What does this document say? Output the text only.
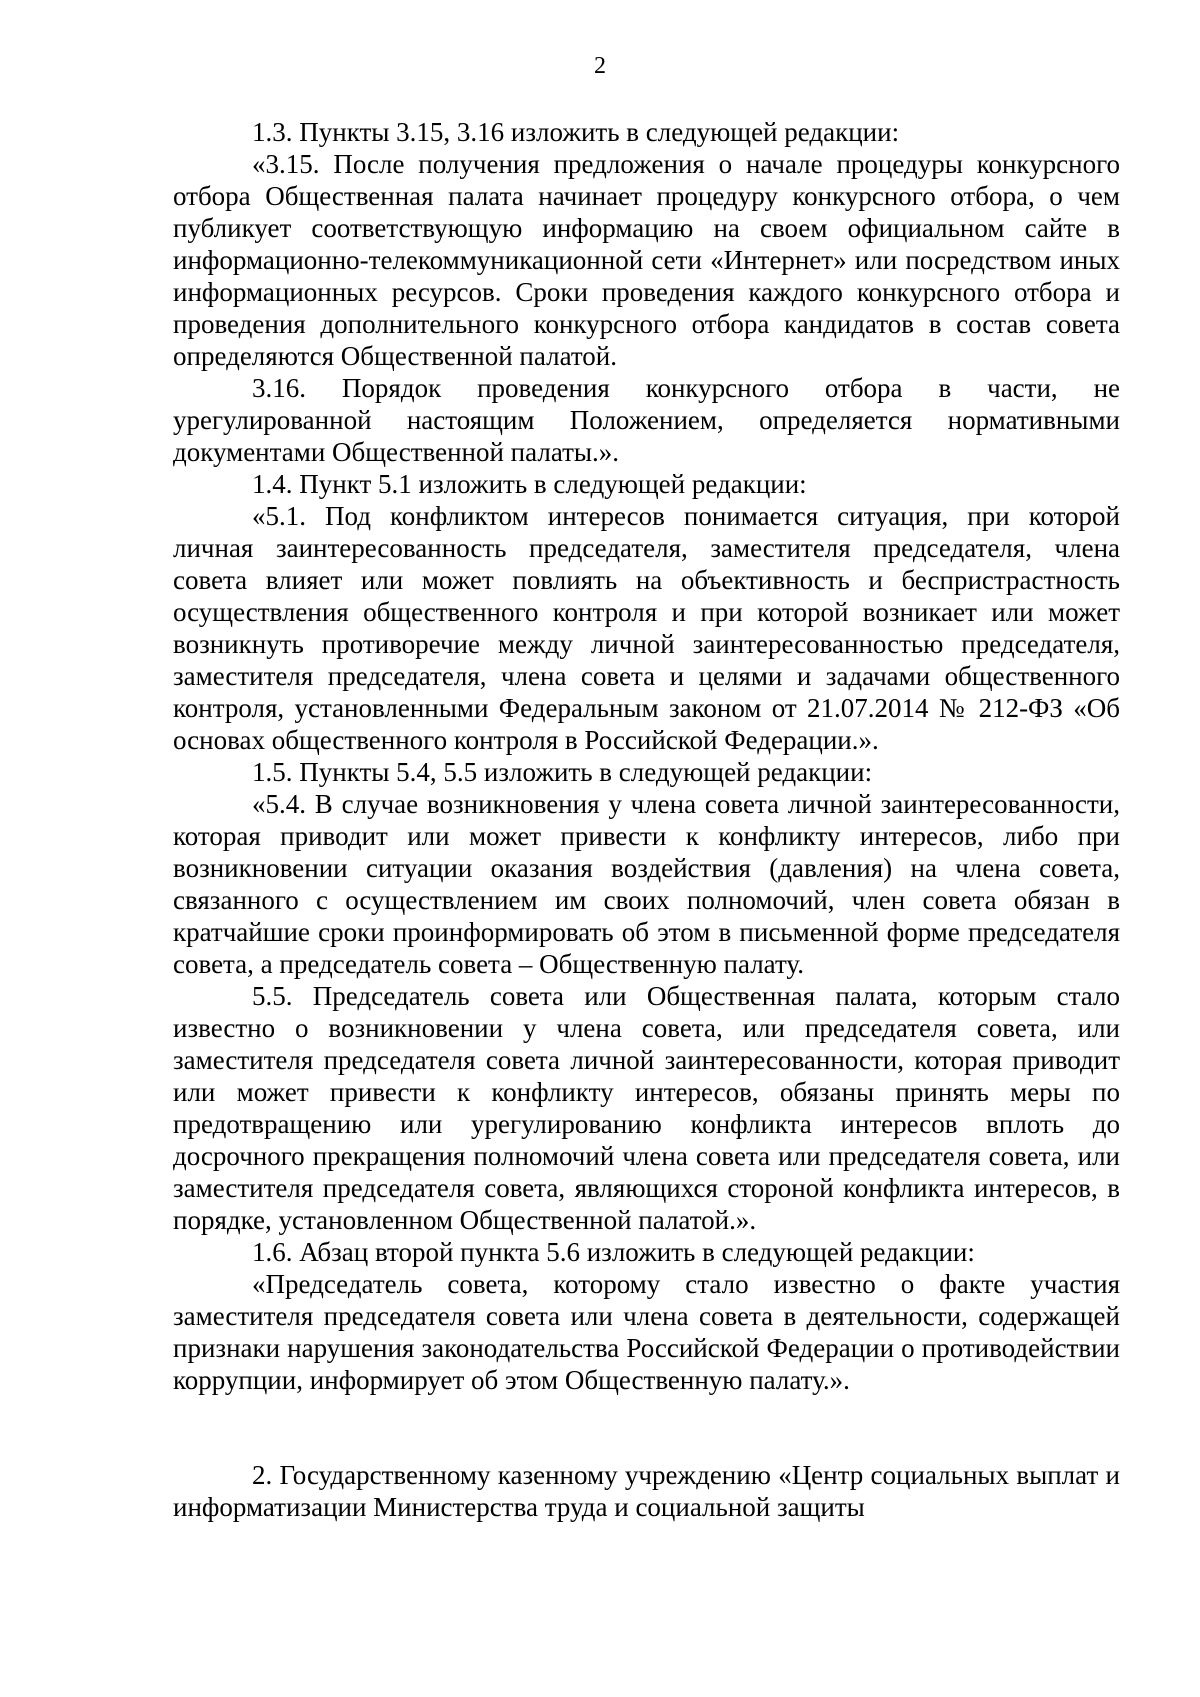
2

1.3. Пункты 3.15, 3.16 изложить в следующей редакции:

«3.15. После получения предложения о начале процедуры конкурсного отбора Общественная палата начинает процедуру конкурсного отбора, о чем публикует соответствующую информацию на своем официальном сайте в информационно-телекоммуникационной сети «Интернет» или посредством иных информационных ресурсов. Сроки проведения каждого конкурсного отбора и проведения дополнительного конкурсного отбора кандидатов в состав совета определяются Общественной палатой.

3.16. Порядок проведения конкурсного отбора в части, не урегулированной настоящим Положением, определяется нормативными документами Общественной палаты.».

1.4. Пункт 5.1 изложить в следующей редакции:

«5.1. Под конфликтом интересов понимается ситуация, при которой личная заинтересованность председателя, заместителя председателя, члена совета влияет или может повлиять на объективность и беспристрастность осуществления общественного контроля и при которой возникает или может возникнуть противоречие между личной заинтересованностью председателя, заместителя председателя, члена совета и целями и задачами общественного контроля, установленными Федеральным законом от 21.07.2014 № 212-ФЗ «Об основах общественного контроля в Российской Федерации.».

1.5. Пункты 5.4, 5.5 изложить в следующей редакции:

«5.4. В случае возникновения у члена совета личной заинтересованности, которая приводит или может привести к конфликту интересов, либо при возникновении ситуации оказания воздействия (давления) на члена совета, связанного с осуществлением им своих полномочий, член совета обязан в кратчайшие сроки проинформировать об этом в письменной форме председателя совета, а председатель совета – Общественную палату.

5.5. Председатель совета или Общественная палата, которым стало известно о возникновении у члена совета, или председателя совета, или заместителя председателя совета личной заинтересованности, которая приводит или может привести к конфликту интересов, обязаны принять меры по предотвращению или урегулированию конфликта интересов вплоть до досрочного прекращения полномочий члена совета или председателя совета, или заместителя председателя совета, являющихся стороной конфликта интересов, в порядке, установленном Общественной палатой.».

1.6. Абзац второй пункта 5.6 изложить в следующей редакции:

«Председатель совета, которому стало известно о факте участия заместителя председателя совета или члена совета в деятельности, содержащей признаки нарушения законодательства Российской Федерации о противодействии коррупции, информирует об этом Общественную палату.».

2. Государственному казенному учреждению «Центр социальных выплат и информатизации Министерства труда и социальной защиты
